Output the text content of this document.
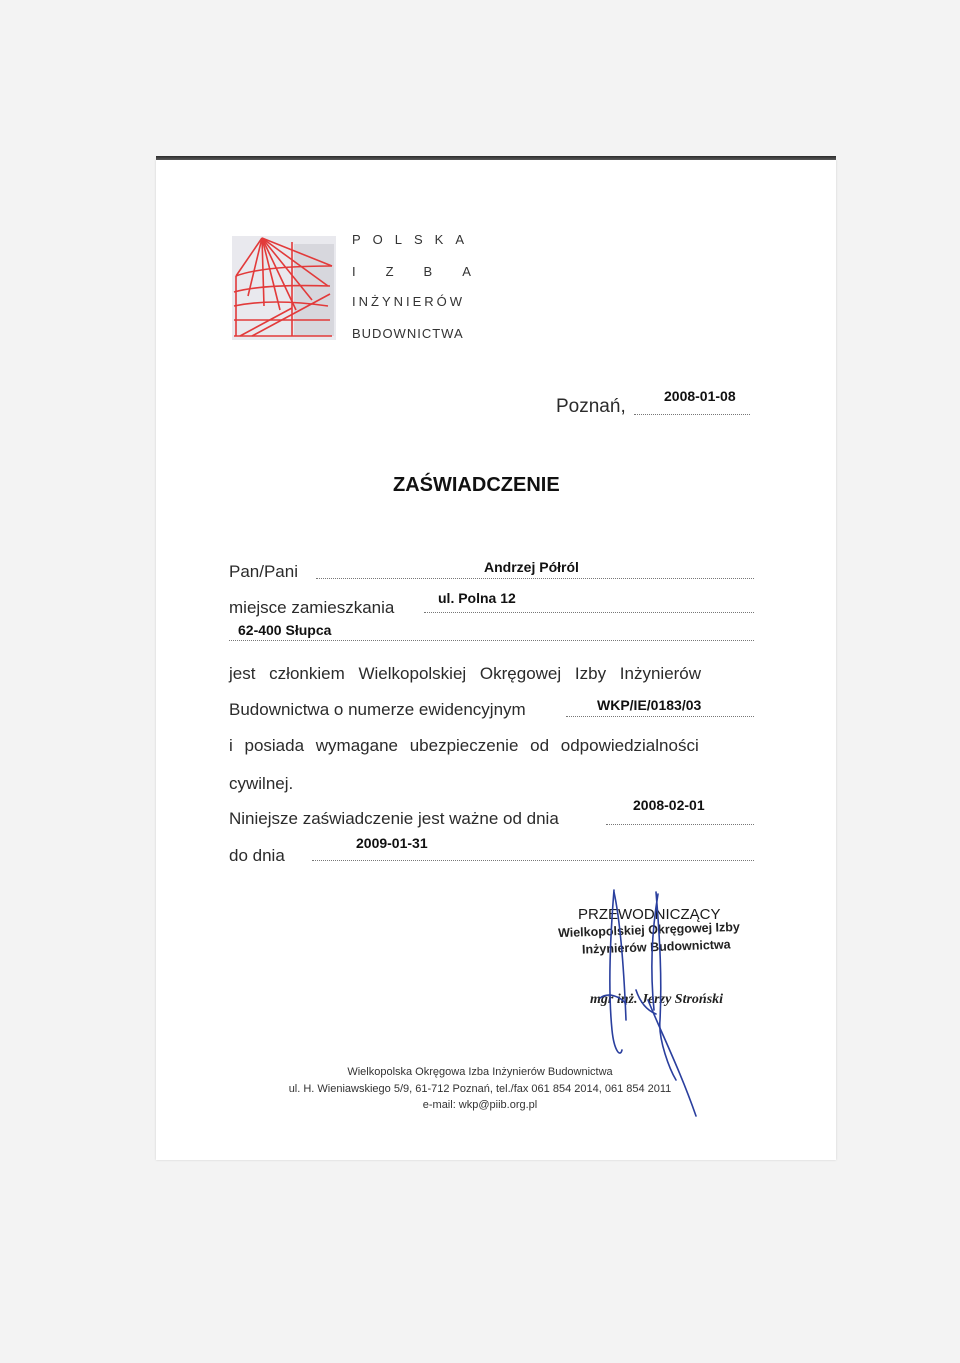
POLSKA
IZBA
INŻYNIERÓW
BUDOWNICTWA
Poznań,	2008-01-08
ZAŚWIADCZENIE
Pan/Pani	Andrzej Półról
miejsce zamieszkania	ul. Polna 12
62-400 Słupca
jest członkiem Wielkopolskiej Okręgowej Izby Inżynierów
Budownictwa o numerze ewidencyjnym	WKP/IE/0183/03
i posiada wymagane ubezpieczenie od odpowiedzialności
cywilnej.
Niniejsze zaświadczenie jest ważne od dnia
2008-02-01
do dnia
2009-01-31
PRZEWODNICZĄCY
Wielkopolskiej Okręgowej Izby
Inżynierów Budownictwa
mgr inż. Jerzy Stroński
Wielkopolska Okręgowa Izba Inżynierów Budownictwa
ul. H. Wieniawskiego 5/9, 61-712 Poznań, tel./fax 061 854 2014, 061 854 2011
e-mail: wkp@piib.org.pl
